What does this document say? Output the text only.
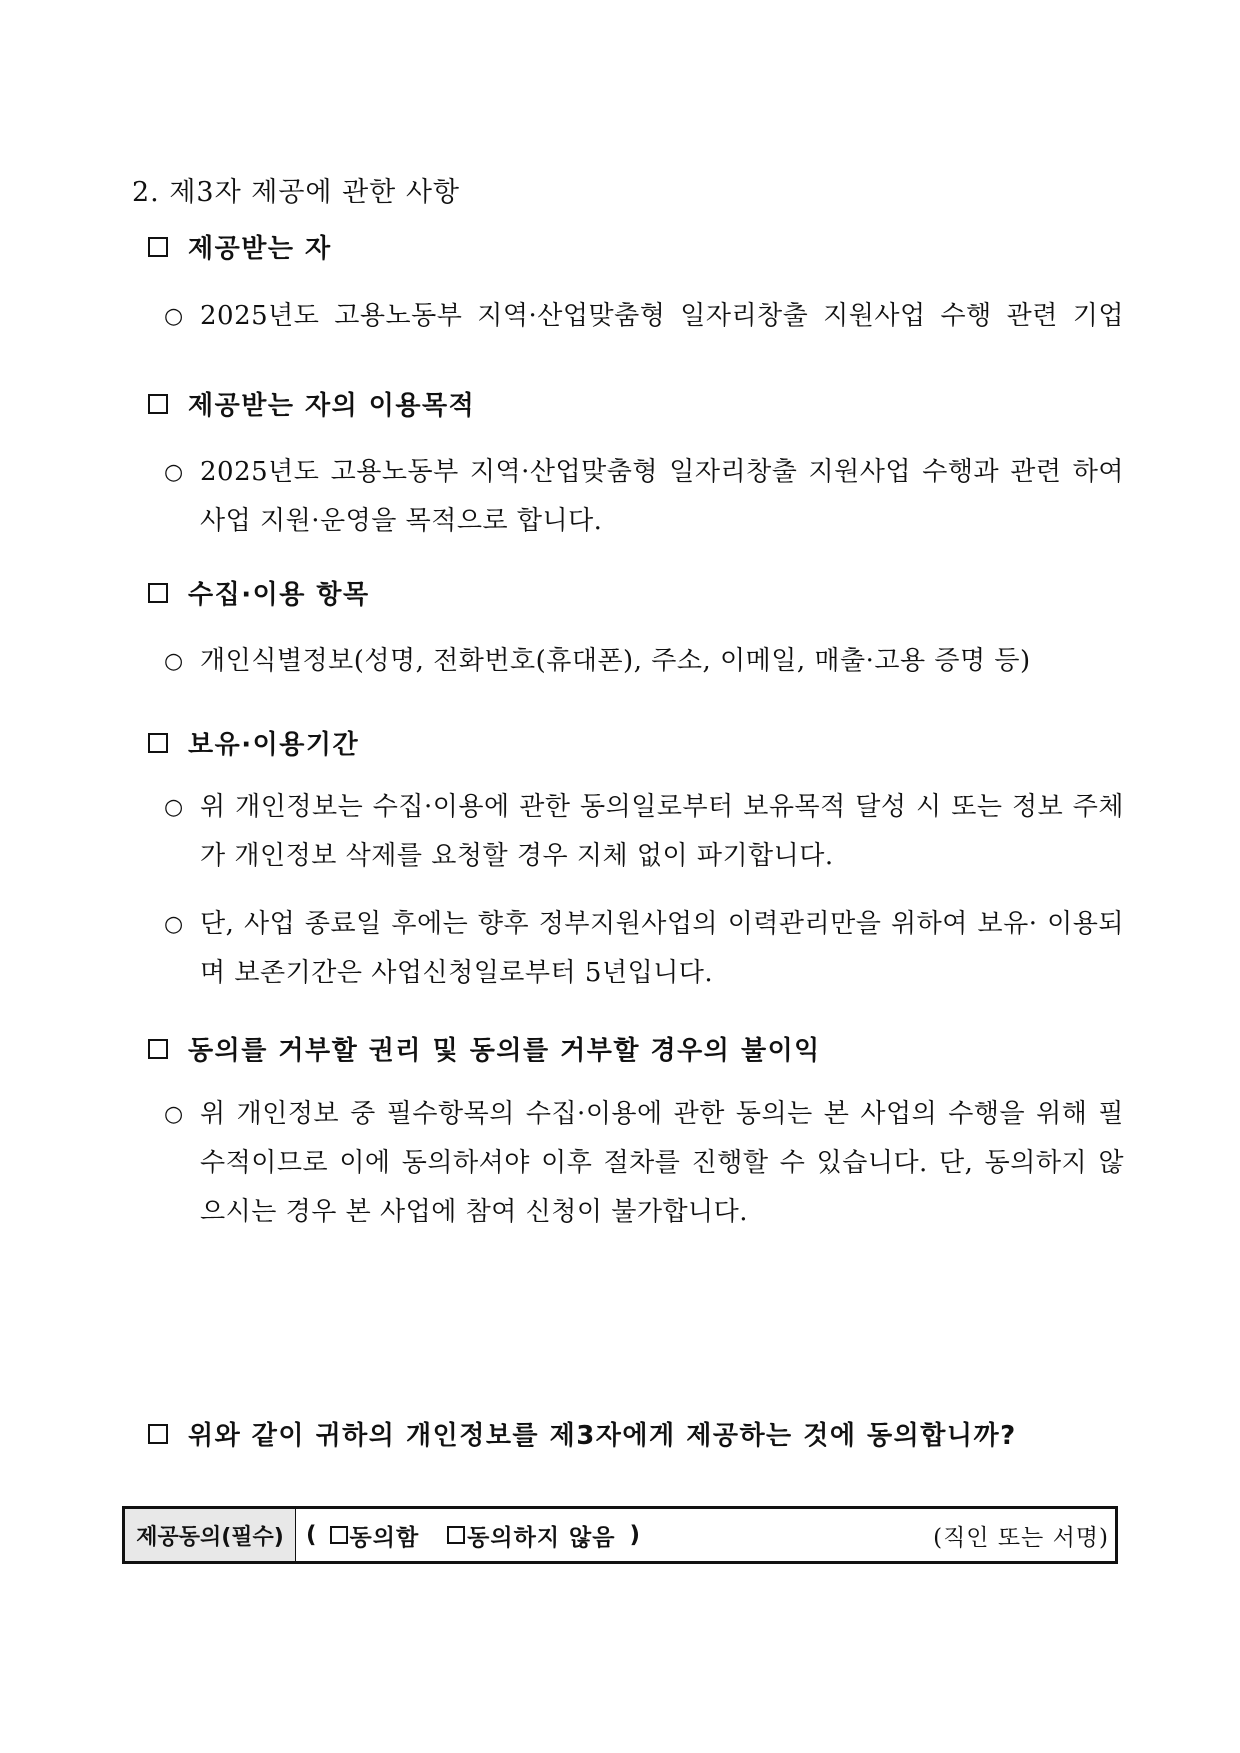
2. 제3자 제공에 관한 사항
제공받는 자
○ 2025년도 고용노동부 지역·산업맞춤형 일자리창출 지원사업 수행 관련 기업
제공받는 자의 이용목적
○ 2025년도 고용노동부 지역·산업맞춤형 일자리창출 지원사업 수행과 관련 하여 사업 지원·운영을 목적으로 합니다.
수집·이용 항목
○ 개인식별정보(성명, 전화번호(휴대폰), 주소, 이메일, 매출·고용 증명 등)
보유·이용기간
○ 위 개인정보는 수집·이용에 관한 동의일로부터 보유목적 달성 시 또는 정보 주체가 개인정보 삭제를 요청할 경우 지체 없이 파기합니다.
○ 단, 사업 종료일 후에는 향후 정부지원사업의 이력관리만을 위하여 보유· 이용되며 보존기간은 사업신청일로부터 5년입니다.
동의를 거부할 권리 및 동의를 거부할 경우의 불이익
○ 위 개인정보 중 필수항목의 수집·이용에 관한 동의는 본 사업의 수행을 위해 필수적이므로 이에 동의하셔야 이후 절차를 진행할 수 있습니다. 단, 동의하지 않으시는 경우 본 사업에 참여 신청이 불가합니다.
위와 같이 귀하의 개인정보를 제3자에게 제공하는 것에 동의합니까?
제공동의(필수) ( 동의함 동의하지 않음 )	(직인 또는 서명)
